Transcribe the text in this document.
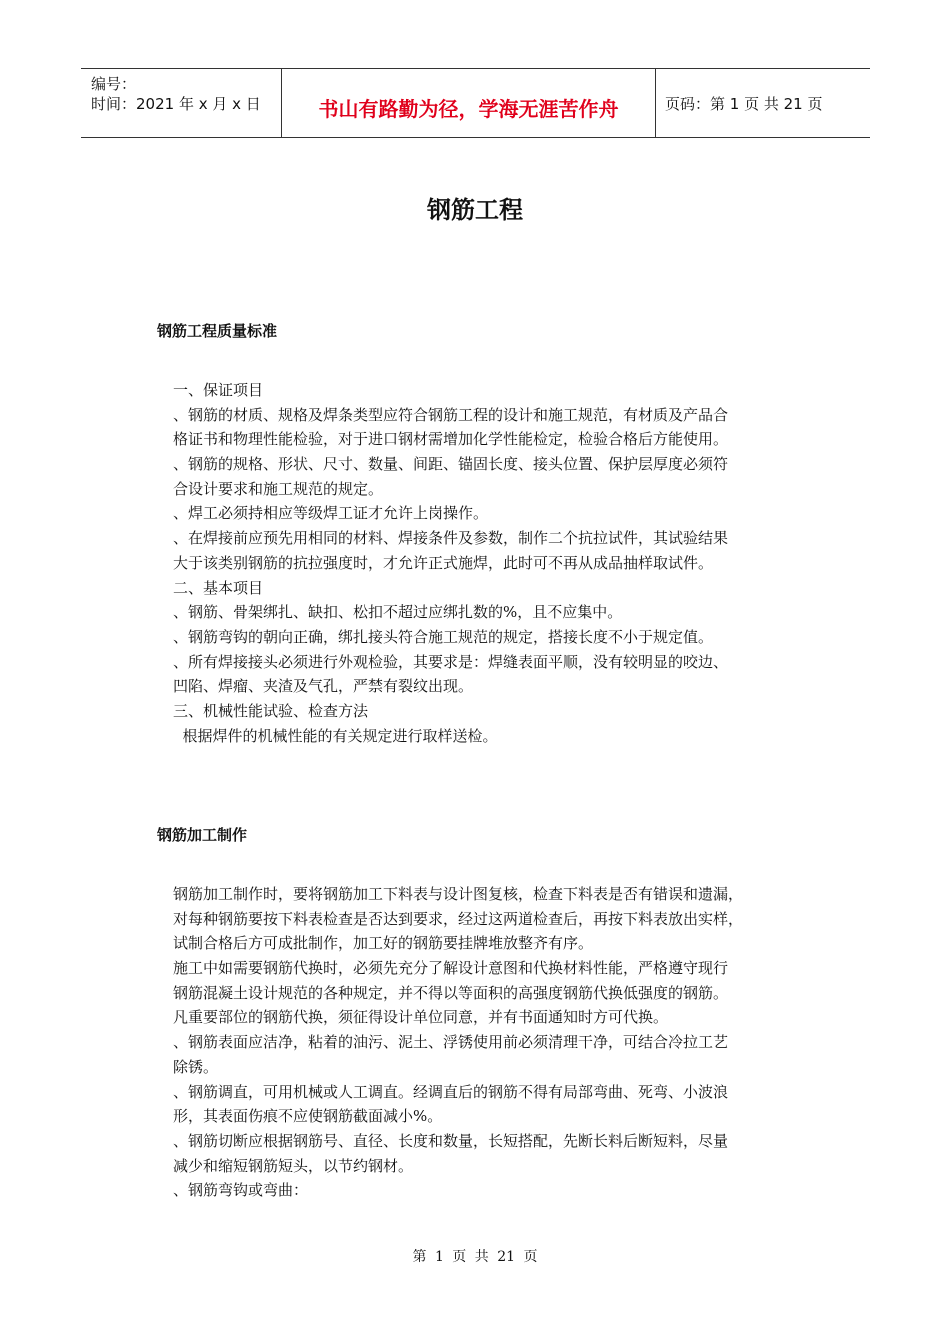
编号：
时间：2021 年 x 月 x 日	书山有路勤为径，学海无涯苦作舟	页码：第 1 页 共 21 页
钢筋工程
钢筋工程质量标准
一、保证项目
、钢筋的材质、规格及焊条类型应符合钢筋工程的设计和施工规范，有材质及产品合
格证书和物理性能检验，对于进口钢材需增加化学性能检定，检验合格后方能使用。
、钢筋的规格、形状、尺寸、数量、间距、锚固长度、接头位置、保护层厚度必须符
合设计要求和施工规范的规定。
、焊工必须持相应等级焊工证才允许上岗操作。
、在焊接前应预先用相同的材料、焊接条件及参数，制作二个抗拉试件，其试验结果
大于该类别钢筋的抗拉强度时，才允许正式施焊，此时可不再从成品抽样取试件。
二、基本项目
、钢筋、骨架绑扎、缺扣、松扣不超过应绑扎数的%，且不应集中。
、钢筋弯钩的朝向正确，绑扎接头符合施工规范的规定，搭接长度不小于规定值。
、所有焊接接头必须进行外观检验，其要求是：焊缝表面平顺，没有较明显的咬边、
凹陷、焊瘤、夹渣及气孔，严禁有裂纹出现。
三、机械性能试验、检查方法
根据焊件的机械性能的有关规定进行取样送检。
钢筋加工制作
钢筋加工制作时，要将钢筋加工下料表与设计图复核，检查下料表是否有错误和遗漏，
对每种钢筋要按下料表检查是否达到要求，经过这两道检查后，再按下料表放出实样，
试制合格后方可成批制作，加工好的钢筋要挂牌堆放整齐有序。
施工中如需要钢筋代换时，必须先充分了解设计意图和代换材料性能，严格遵守现行
钢筋混凝土设计规范的各种规定，并不得以等面积的高强度钢筋代换低强度的钢筋。
凡重要部位的钢筋代换，须征得设计单位同意，并有书面通知时方可代换。
、钢筋表面应洁净，粘着的油污、泥土、浮锈使用前必须清理干净，可结合冷拉工艺
除锈。
、钢筋调直，可用机械或人工调直。经调直后的钢筋不得有局部弯曲、死弯、小波浪
形，其表面伤痕不应使钢筋截面减小%。
、钢筋切断应根据钢筋号、直径、长度和数量，长短搭配，先断长料后断短料，尽量
减少和缩短钢筋短头，以节约钢材。
、钢筋弯钩或弯曲：
第 1 页 共 21 页
